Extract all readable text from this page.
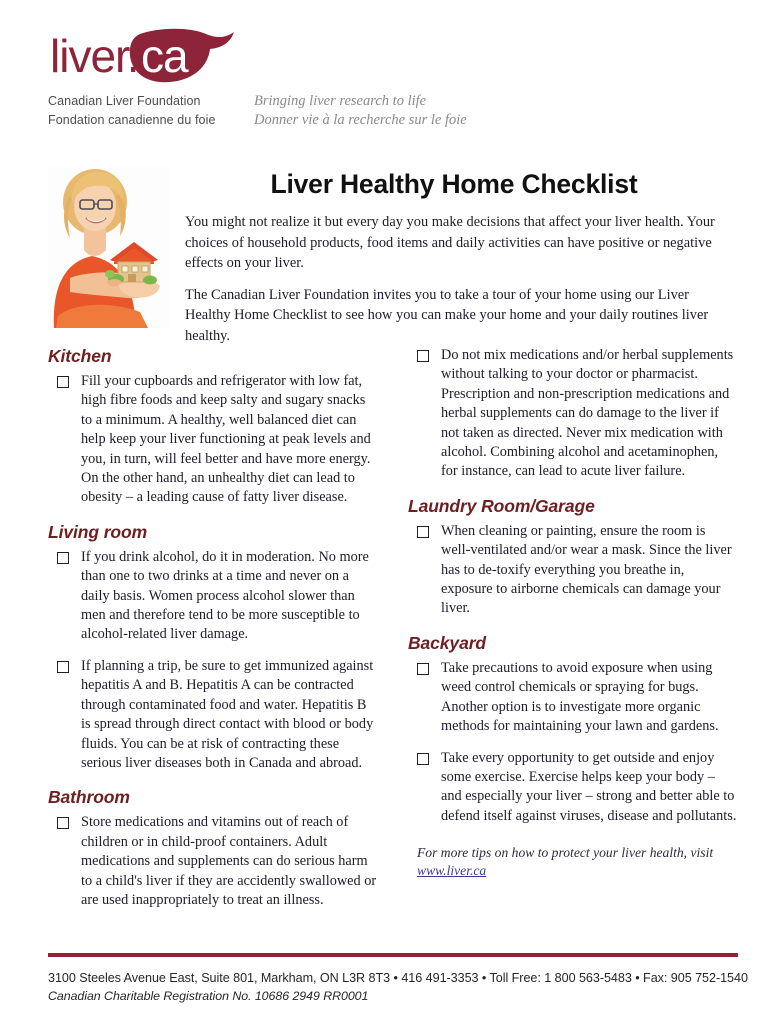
liver. ca
Canadian Liver Foundation
Fondation canadienne du foie
Bringing liver research to life
Donner vie à la recherche sur le foie
Liver Healthy Home Checklist

You might not realize it but every day you make decisions that affect your liver health. Your choices of household products, food items and daily activities can have positive or negative effects on your liver.

The Canadian Liver Foundation invites you to take a tour of your home using our Liver Healthy Home Checklist to see how you can make your home and your daily routines liver healthy.

Kitchen
Fill your cupboards and refrigerator with low fat, high fibre foods and keep salty and sugary snacks to a minimum. A healthy, well balanced diet can help keep your liver functioning at peak levels and you, in turn, will feel better and have more energy. On the other hand, an unhealthy diet can lead to obesity – a leading cause of fatty liver disease.
Living room
If you drink alcohol, do it in moderation. No more than one to two drinks at a time and never on a daily basis. Women process alcohol slower than men and therefore tend to be more susceptible to alcohol-related liver damage.
If planning a trip, be sure to get immunized against hepatitis A and B. Hepatitis A can be contracted through contaminated food and water. Hepatitis B is spread through direct contact with blood or body fluids. You can be at risk of contracting these serious liver diseases both in Canada and abroad.
Bathroom
Store medications and vitamins out of reach of children or in child-proof containers. Adult medications and supplements can do serious harm to a child's liver if they are accidently swallowed or are used inappropriately to treat an illness.
Do not mix medications and/or herbal supplements without talking to your doctor or pharmacist. Prescription and non-prescription medications and herbal supplements can do damage to the liver if not taken as directed. Never mix medication with alcohol. Combining alcohol and acetaminophen, for instance, can lead to acute liver failure.
Laundry Room/Garage
When cleaning or painting, ensure the room is well-ventilated and/or wear a mask. Since the liver has to de-toxify everything you breathe in, exposure to airborne chemicals can damage your liver.
Backyard
Take precautions to avoid exposure when using weed control chemicals or spraying for bugs. Another option is to investigate more organic methods for maintaining your lawn and gardens.
Take every opportunity to get outside and enjoy some exercise. Exercise helps keep your body – and especially your liver – strong and better able to defend itself against viruses, disease and pollutants.
For more tips on how to protect your liver health, visit
www.liver.ca
3100 Steeles Avenue East, Suite 801, Markham, ON L3R 8T3 • 416 491-3353 • Toll Free: 1 800 563-5483 • Fax: 905 752-1540
Canadian Charitable Registration No. 10686 2949 RR0001
